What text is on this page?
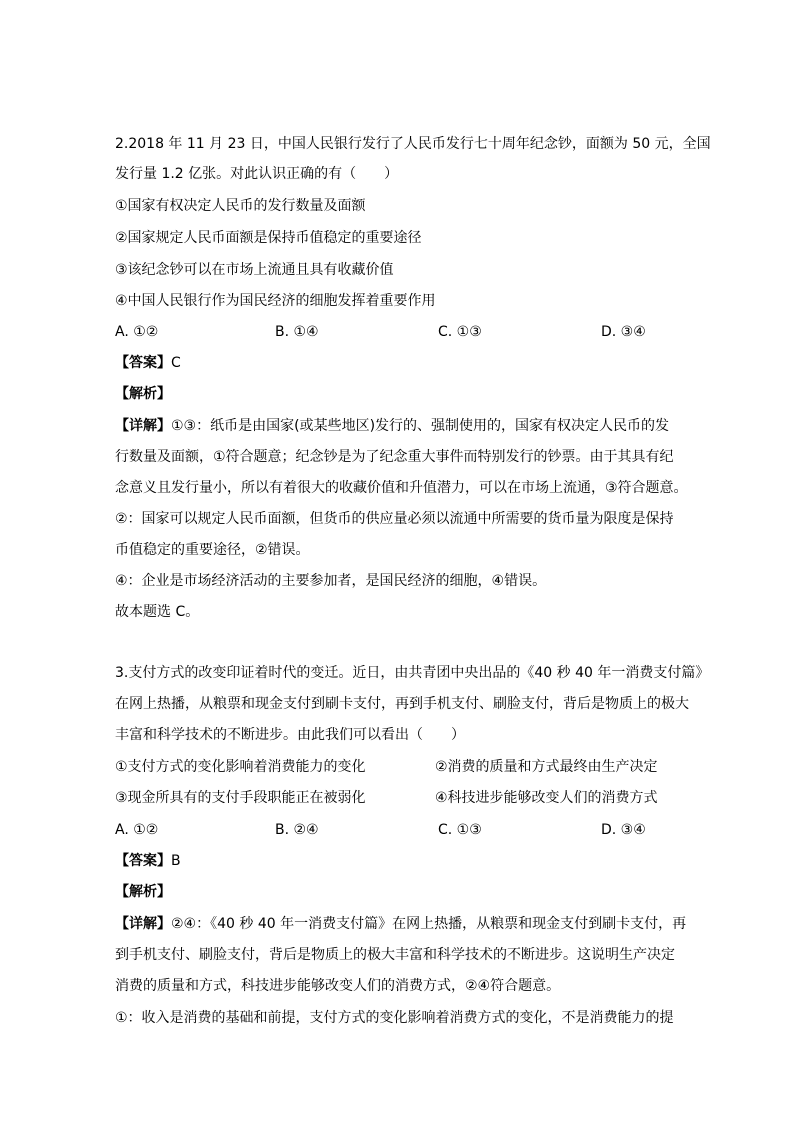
2.2018 年 11 月 23 日，中国人民银行发行了人民币发行七十周年纪念钞，面额为 50 元，全国
发行量 1.2 亿张。对此认识正确的有（　　）
①国家有权决定人民币的发行数量及面额
②国家规定人民币面额是保持币值稳定的重要途径
③该纪念钞可以在市场上流通且具有收藏价值
④中国人民银行作为国民经济的细胞发挥着重要作用
A. ①②	B. ①④	C. ①③	D. ③④
【答案】C
【解析】
【详解】①③：纸币是由国家(或某些地区)发行的、强制使用的，国家有权决定人民币的发
行数量及面额，①符合题意；纪念钞是为了纪念重大事件而特别发行的钞票。由于其具有纪
念意义且发行量小，所以有着很大的收藏价值和升值潜力，可以在市场上流通，③符合题意。
②：国家可以规定人民币面额，但货币的供应量必须以流通中所需要的货币量为限度是保持
币值稳定的重要途径，②错误。
④：企业是市场经济活动的主要参加者，是国民经济的细胞，④错误。
故本题选 C。
3.支付方式的改变印证着时代的变迁。近日，由共青团中央出品的《40 秒 40 年一消费支付篇》
在网上热播，从粮票和现金支付到刷卡支付，再到手机支付、刷脸支付，背后是物质上的极大
丰富和科学技术的不断进步。由此我们可以看出（　　）
①支付方式的变化影响着消费能力的变化	②消费的质量和方式最终由生产决定
③现金所具有的支付手段职能正在被弱化	④科技进步能够改变人们的消费方式
A. ①②	B. ②④	C. ①③	D. ③④
【答案】B
【解析】
【详解】②④：《40 秒 40 年一消费支付篇》在网上热播，从粮票和现金支付到刷卡支付，再
到手机支付、刷脸支付，背后是物质上的极大丰富和科学技术的不断进步。这说明生产决定
消费的质量和方式，科技进步能够改变人们的消费方式，②④符合题意。
①：收入是消费的基础和前提，支付方式的变化影响着消费方式的变化，不是消费能力的提
